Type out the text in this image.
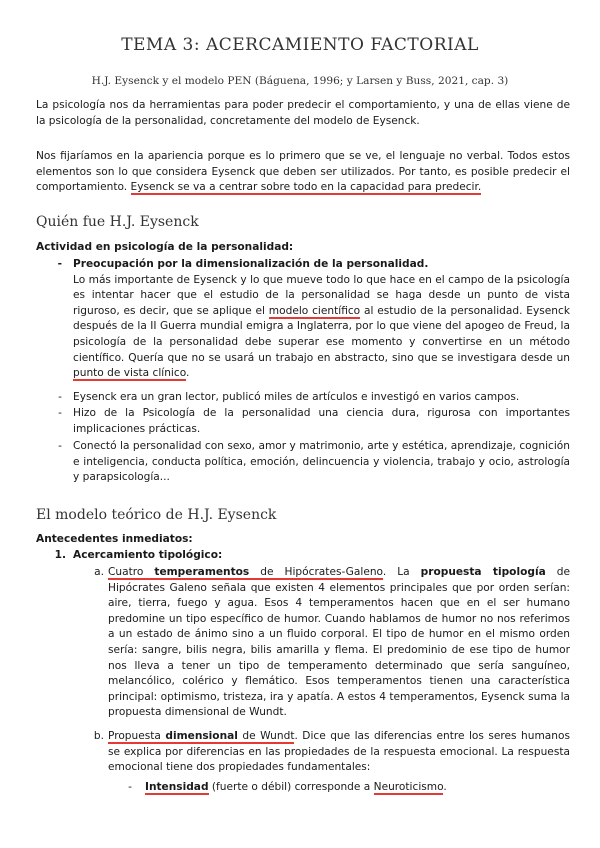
TEMA 3: ACERCAMIENTO FACTORIAL
H.J. Eysenck y el modelo PEN (Báguena, 1996; y Larsen y Buss, 2021, cap. 3)
La psicología nos da herramientas para poder predecir el comportamiento, y una de ellas viene de la psicología de la personalidad, concretamente del modelo de Eysenck.
Nos fijaríamos en la apariencia porque es lo primero que se ve, el lenguaje no verbal. Todos estos elementos son lo que considera Eysenck que deben ser utilizados. Por tanto, es posible predecir el comportamiento. Eysenck se va a centrar sobre todo en la capacidad para predecir.
Quién fue H.J. Eysenck
Actividad en psicología de la personalidad:
- Preocupación por la dimensionalización de la personalidad.
Lo más importante de Eysenck y lo que mueve todo lo que hace en el campo de la psicología es intentar hacer que el estudio de la personalidad se haga desde un punto de vista riguroso, es decir, que se aplique el modelo científico al estudio de la personalidad. Eysenck después de la II Guerra mundial emigra a Inglaterra, por lo que viene del apogeo de Freud, la psicología de la personalidad debe superar ese momento y convertirse en un método científico. Quería que no se usará un trabajo en abstracto, sino que se investigara desde un punto de vista clínico.
- Eysenck era un gran lector, publicó miles de artículos e investigó en varios campos.
- Hizo de la Psicología de la personalidad una ciencia dura, rigurosa con importantes implicaciones prácticas.
- Conectó la personalidad con sexo, amor y matrimonio, arte y estética, aprendizaje, cognición e inteligencia, conducta política, emoción, delincuencia y violencia, trabajo y ocio, astrología y parapsicología...
El modelo teórico de H.J. Eysenck
Antecedentes inmediatos:
1. Acercamiento tipológico:
a. Cuatro temperamentos de Hipócrates-Galeno. La propuesta tipología de Hipócrates Galeno señala que existen 4 elementos principales que por orden serían: aire, tierra, fuego y agua. Esos 4 temperamentos hacen que en el ser humano predomine un tipo específico de humor. Cuando hablamos de humor no nos referimos a un estado de ánimo sino a un fluido corporal. El tipo de humor en el mismo orden sería: sangre, bilis negra, bilis amarilla y flema. El predominio de ese tipo de humor nos lleva a tener un tipo de temperamento determinado que sería sanguíneo, melancólico, colérico y flemático. Esos temperamentos tienen una característica principal: optimismo, tristeza, ira y apatía. A estos 4 temperamentos, Eysenck suma la propuesta dimensional de Wundt.
b. Propuesta dimensional de Wundt. Dice que las diferencias entre los seres humanos se explica por diferencias en las propiedades de la respuesta emocional. La respuesta emocional tiene dos propiedades fundamentales:
- Intensidad (fuerte o débil) corresponde a Neuroticismo.
